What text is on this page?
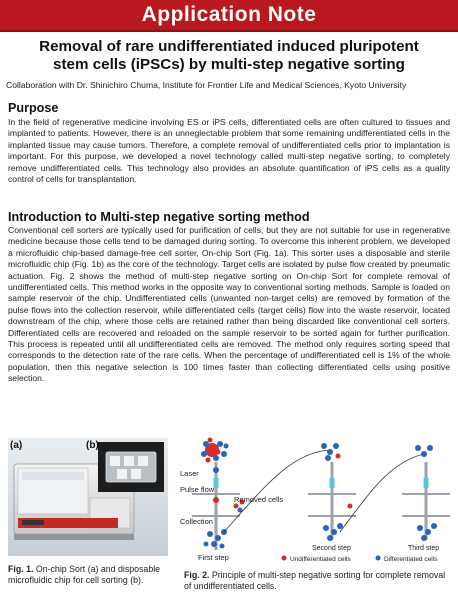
Application Note
Removal of rare undifferentiated induced pluripotent
stem cells (iPSCs) by multi-step negative sorting
Collaboration with Dr. Shinichiro Chuma, Institute for Frontier Life and Medical Sciences, Kyoto University
Purpose
In the field of regenerative medicine involving ES or iPS cells, differentiated cells are often cultured to tissues and implanted to patients. However, there is an unneglectable problem that some remaining undifferentiated cells in the implanted tissue may cause tumors. Therefore, a complete removal of undifferentiated cells prior to implantation is important. For this purpose, we developed a novel technology called multi-step negative sorting, to completely remove undifferentiated cells. This technology also provides an absolute quantification of iPS cells as a quality control of cells for transplantation.
Introduction to Multi-step negative sorting method
Conventional cell sorters are typically used for purification of cells, but they are not suitable for use in regenerative medicine because those cells tend to be damaged during sorting. To overcome this inherent problem, we developed a microfluidic chip-based damage-free cell sorter, On-chip Sort (Fig. 1a). This sorter uses a disposable and sterile microfluidic chip (Fig. 1b) as the core of the technology. Target cells are isolated by pulse flow created by pneumatic actuation. Fig. 2 shows the method of multi-step negative sorting on On-chip Sort for complete removal of undifferentiated cells. This method works in the opposite way to conventional sorting methods. Sample is loaded on sample reservoir of the chip. Undifferentiated cells (unwanted non-target cells) are removed by formation of the pulse flows into the collection reservoir, while differentiated cells (target cells) flow into the waste reservoir, located downstream of the chip, where those cells are retained rather than being discarded like conventional cell sorters. Differentiated cells are recovered and reloaded on the sample reservoir to be sorted again for further purification. This process is repeated until all undifferentiated cells are removed. The method only requires sorting speed that corresponds to the detection rate of the rare cells. When the percentage of undifferentiated cell is 1% of the whole population, then this negative selection is 100 times faster than collecting differentiated cells using positive selection.
(a)	(b)
Fig. 1. On-chip Sort (a) and disposable microfluidic chip for cell sorting (b).
Laser
Pulse flow
Removed cells
Collection
First step
Second step	Third step
Undifferentiated cells	Differentiated cells
Fig. 2. Principle of multi-step negative sorting for complete removal of undifferentiated cells.
